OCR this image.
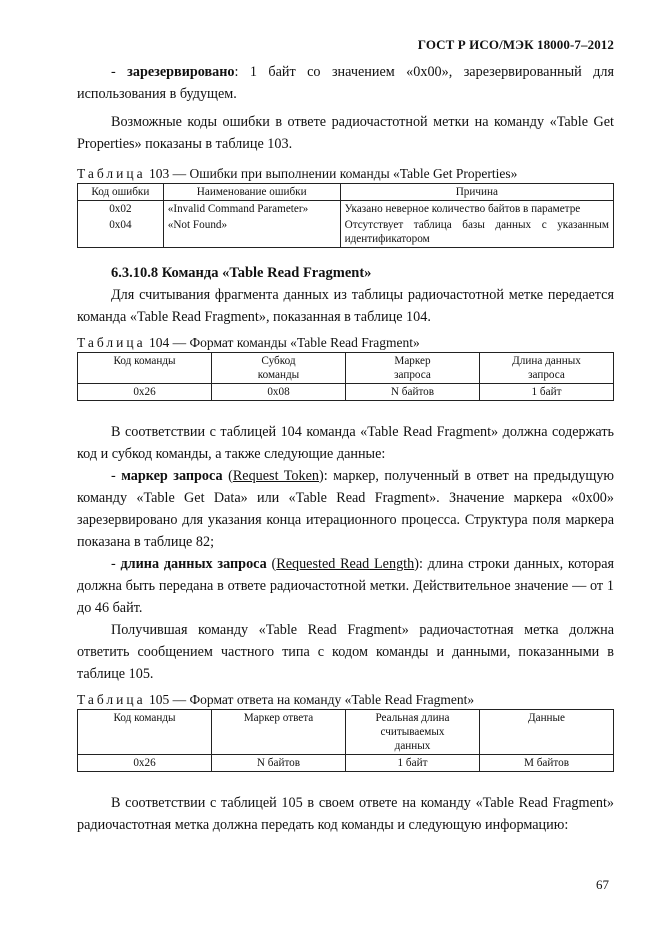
ГОСТ Р ИСО/МЭК 18000-7–2012

- зарезервировано: 1 байт со значением «0x00», зарезервированный для использования в будущем.

Возможные коды ошибки в ответе радиочастотной метки на команду «Table Get Properties» показаны в таблице 103.

Таблица 103 — Ошибки при выполнении команды «Table Get Properties»

Код ошибки	Наименование ошибки	Причина
0x02	«Invalid Command Parameter»	Указано неверное количество байтов в параметре
0x04	«Not Found»	Отсутствует таблица базы данных с указанным идентификатором

6.3.10.8 Команда «Table Read Fragment»

Для считывания фрагмента данных из таблицы радиочастотной метке передается команда «Table Read Fragment», показанная в таблице 104.

Таблица 104 — Формат команды «Table Read Fragment»

Код команды	Субкод команды	Маркер запроса	Длина данных запроса
0x26	0x08	N байтов	1 байт

В соответствии с таблицей 104 команда «Table Read Fragment» должна содержать код и субкод команды, а также следующие данные:

- маркер запроса (Request Token): маркер, полученный в ответ на предыдущую команду «Table Get Data» или «Table Read Fragment». Значение маркера «0x00» зарезервировано для указания конца итерационного процесса. Структура поля маркера показана в таблице 82;

- длина данных запроса (Requested Read Length): длина строки данных, которая должна быть передана в ответе радиочастотной метки. Действительное значение — от 1 до 46 байт.

Получившая команду «Table Read Fragment» радиочастотная метка должна ответить сообщением частного типа с кодом команды и данными, показанными в таблице 105.

Таблица 105 — Формат ответа на команду «Table Read Fragment»

Код команды	Маркер ответа	Реальная длина считываемых данных	Данные
0x26	N байтов	1 байт	M байтов

В соответствии с таблицей 105 в своем ответе на команду «Table Read Fragment» радиочастотная метка должна передать код команды и следующую информацию:

67
